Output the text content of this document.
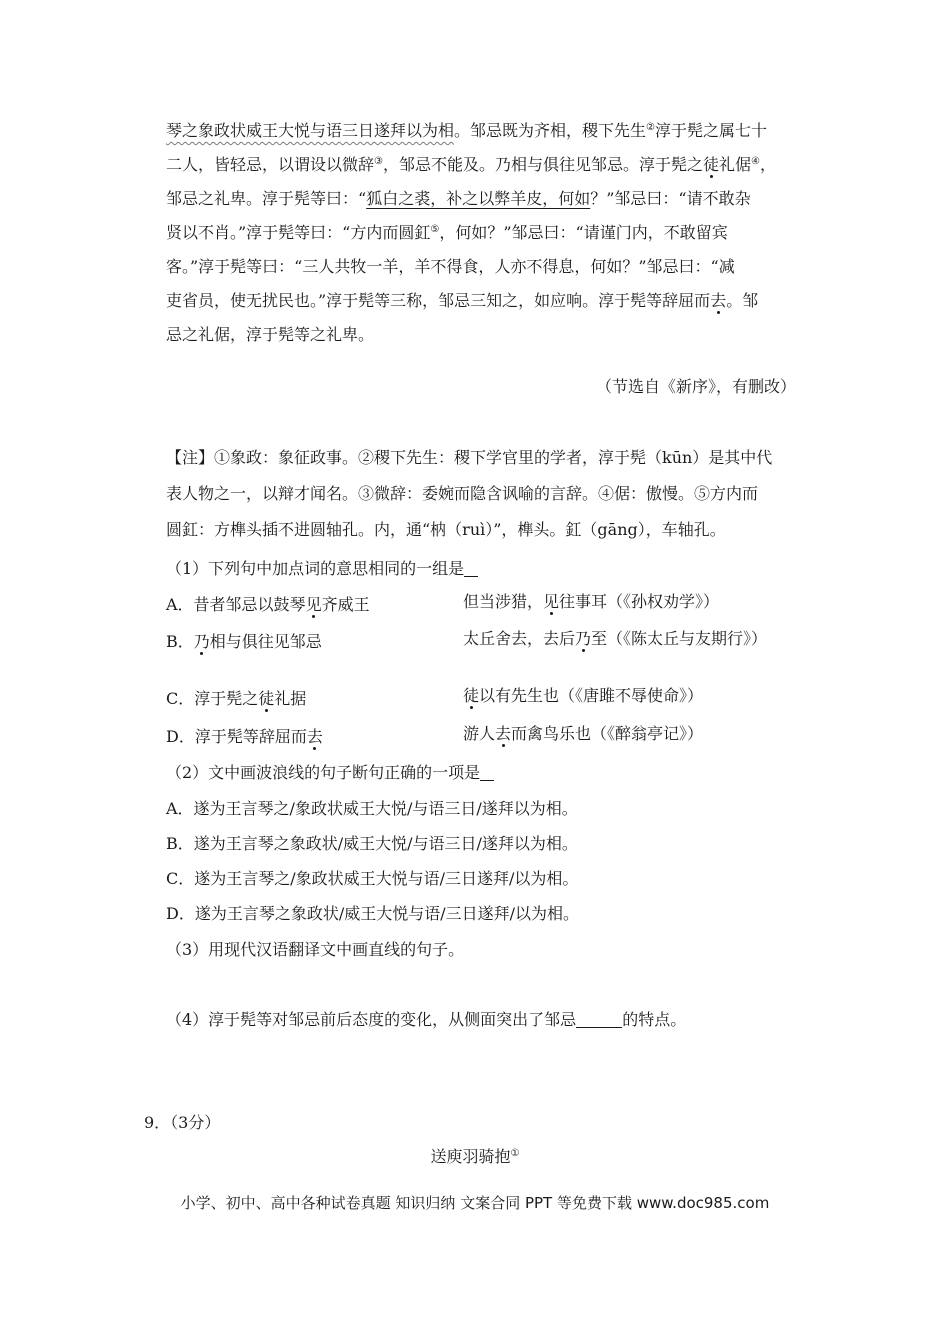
琴之象政状威王大悦与语三日遂拜以为相。邹忌既为齐相，稷下先生②淳于髡之属七十
二人，皆轻忌，以谓设以微辞③，邹忌不能及。乃相与俱往见邹忌。淳于髡之徒礼倨④，
邹忌之礼卑。淳于髡等曰：“狐白之裘，补之以弊羊皮，何如？”邹忌曰：“请不敢杂
贤以不肖。”淳于髡等曰：“方内而圆釭⑤，何如？”邹忌曰：“请谨门内，不敢留宾
客。”淳于髡等曰：“三人共牧一羊，羊不得食，人亦不得息，何如？”邹忌曰：“减
吏省员，使无扰民也。”淳于髡等三称，邹忌三知之，如应响。淳于髡等辞屈而去。邹
忌之礼倨，淳于髡等之礼卑。
（节选自《新序》，有删改）
【注】①象政：象征政事。②稷下先生：稷下学官里的学者，淳于髡（kūn）是其中代
表人物之一，以辩才闻名。③微辞：委婉而隐含讽喻的言辞。④倨：傲慢。⑤方内而
圆釭：方榫头插不进圆轴孔。内，通“枘（ruì）”，榫头。釭（gāng），车轴孔。
（1）下列句中加点词的意思相同的一组是
A．昔者邹忌以鼓琴见齐威王	但当涉猎，见往事耳（《孙权劝学》）
B．乃相与俱往见邹忌	太丘舍去，去后乃至（《陈太丘与友期行》）
C．淳于髡之徒礼据	徒以有先生也（《唐雎不辱使命》）
D．淳于髡等辞屈而去	游人去而禽鸟乐也（《醉翁亭记》）
（2）文中画波浪线的句子断句正确的一项是
A．遂为王言琴之/象政状威王大悦/与语三日/遂拜以为相。
B．遂为王言琴之象政状/威王大悦/与语三日/遂拜以为相。
C．遂为王言琴之/象政状威王大悦与语/三日遂拜/以为相。
D．遂为王言琴之象政状/威王大悦与语/三日遂拜/以为相。
（3）用现代汉语翻译文中画直线的句子。
（4）淳于髡等对邹忌前后态度的变化，从侧面突出了邹忌	的特点。
9．（3分）
送庾羽骑抱①
小学、初中、高中各种试卷真题 知识归纳 文案合同 PPT 等免费下载 www.doc985.com
